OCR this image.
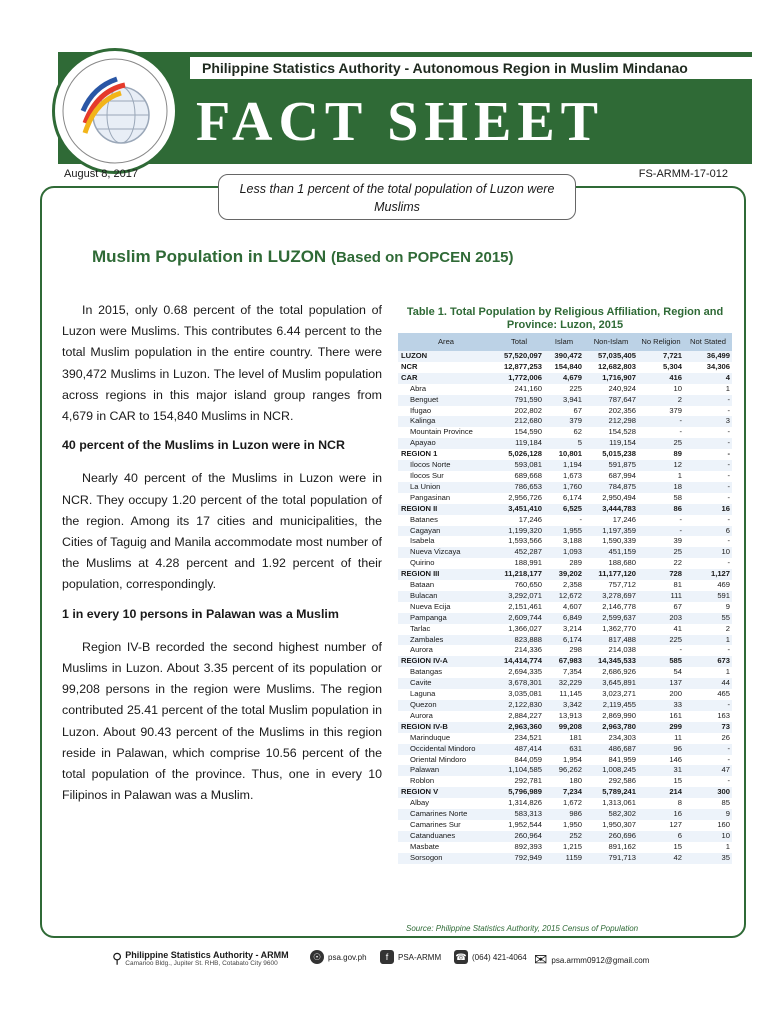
Philippine Statistics Authority - Autonomous Region in Muslim Mindanao
FACT SHEET
August 8, 2017	FS-ARMM-17-012
Less than 1 percent of the total population of Luzon were Muslims
Muslim Population in LUZON (Based on POPCEN 2015)

In 2015, only 0.68 percent of the total population of Luzon were Muslims. This contributes 6.44 percent to the total Muslim population in the entire country. There were 390,472 Muslims in Luzon. The level of Muslim population across regions in this major island group ranges from 4,679 in CAR to 154,840 Muslims in NCR.

40 percent of the Muslims in Luzon were in NCR

Nearly 40 percent of the Muslims in Luzon were in NCR. They occupy 1.20 percent of the total population of the region. Among its 17 cities and municipalities, the Cities of Taguig and Manila accommodate most number of the Muslims at 4.28 percent and 1.92 percent of their population, correspondingly.

1 in every 10 persons in Palawan was a Muslim

Region IV-B recorded the second highest number of Muslims in Luzon. About 3.35 percent of its population or 99,208 persons in the region were Muslims. The region contributed 25.41 percent of the total Muslim population in Luzon. About 90.43 percent of the Muslims in this region reside in Palawan, which comprise 10.56 percent of the total population of the province. Thus, one in every 10 Filipinos in Palawan was a Muslim.

Table 1. Total Population by Religious Affiliation, Region and Province: Luzon, 2015
Area	Total	Islam	Non-Islam	No Religion	Not Stated
LUZON	57,520,097	390,472	57,035,405	7,721	36,499
NCR	12,877,253	154,840	12,682,803	5,304	34,306
CAR	1,772,006	4,679	1,716,907	416	4
Abra	241,160	225	240,924	10	1
Benguet	791,590	3,941	787,647	2	-
Ifugao	202,802	67	202,356	379	-
Kalinga	212,680	379	212,298	-	3
Mountain Province	154,590	62	154,528	-	-
Apayao	119,184	5	119,154	25	-
REGION 1	5,026,128	10,801	5,015,238	89	-
Ilocos Norte	593,081	1,194	591,875	12	-
Ilocos Sur	689,668	1,673	687,994	1	-
La Union	786,653	1,760	784,875	18	-
Pangasinan	2,956,726	6,174	2,950,494	58	-
REGION II	3,451,410	6,525	3,444,783	86	16
Batanes	17,246	-	17,246	-	-
Cagayan	1,199,320	1,955	1,197,359	-	6
Isabela	1,593,566	3,188	1,590,339	39	-
Nueva Vizcaya	452,287	1,093	451,159	25	10
Quirino	188,991	289	188,680	22	-
REGION III	11,218,177	39,202	11,177,120	728	1,127
Bataan	760,650	2,358	757,712	81	469
Bulacan	3,292,071	12,672	3,278,697	111	591
Nueva Ecija	2,151,461	4,607	2,146,778	67	9
Pampanga	2,609,744	6,849	2,599,637	203	55
Tarlac	1,366,027	3,214	1,362,770	41	2
Zambales	823,888	6,174	817,488	225	1
Aurora	214,336	298	214,038	-	-
REGION IV-A	14,414,774	67,983	14,345,533	585	673
Batangas	2,694,335	7,354	2,686,926	54	1
Cavite	3,678,301	32,229	3,645,891	137	44
Laguna	3,035,081	11,145	3,023,271	200	465
Quezon	2,122,830	3,342	2,119,455	33	-
Aurora	2,884,227	13,913	2,869,990	161	163
REGION IV-B	2,963,360	99,208	2,963,780	299	73
Marinduque	234,521	181	234,303	11	26
Occidental Mindoro	487,414	631	486,687	96	-
Oriental Mindoro	844,059	1,954	841,959	146	-
Palawan	1,104,585	96,262	1,008,245	31	47
Roblon	292,781	180	292,586	15	-
REGION V	5,796,989	7,234	5,789,241	214	300
Albay	1,314,826	1,672	1,313,061	8	85
Camarines Norte	583,313	986	582,302	16	9
Camarines Sur	1,952,544	1,950	1,950,307	127	160
Catanduanes	260,964	252	260,696	6	10
Masbate	892,393	1,215	891,162	15	1
Sorsogon	792,949	1159	791,713	42	35
Source: Philippine Statistics Authority, 2015 Census of Population
⚲ Philippine Statistics Authority - ARMM
Camarioo Bldg., Jupiter St. RHB, Cotabato City 9600
☉ psa.gov.ph	f	PSA-ARMM ☎ (064) 421-4064 ✉ psa.armm0912@gmail.com
